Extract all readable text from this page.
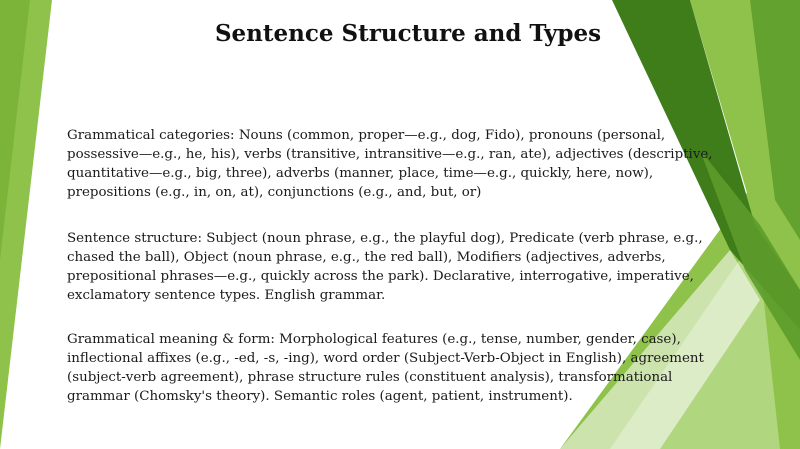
Sentence Structure and Types

Grammatical categories: Nouns (common, proper—e.g., dog, Fido), pronouns (personal,
possessive—e.g., he, his), verbs (transitive, intransitive—e.g., ran, ate), adjectives (descriptive,
quantitative—e.g., big, three), adverbs (manner, place, time—e.g., quickly, here, now),
prepositions (e.g., in, on, at), conjunctions (e.g., and, but, or)

Sentence structure: Subject (noun phrase, e.g., the playful dog), Predicate (verb phrase, e.g.,
chased the ball), Object (noun phrase, e.g., the red ball), Modifiers (adjectives, adverbs,
prepositional phrases—e.g., quickly across the park). Declarative, interrogative, imperative,
exclamatory sentence types. English grammar.

Grammatical meaning & form: Morphological features (e.g., tense, number, gender, case),
inflectional affixes (e.g., -ed, -s, -ing), word order (Subject-Verb-Object in English), agreement
(subject-verb agreement), phrase structure rules (constituent analysis), transformational
grammar (Chomsky's theory). Semantic roles (agent, patient, instrument).
